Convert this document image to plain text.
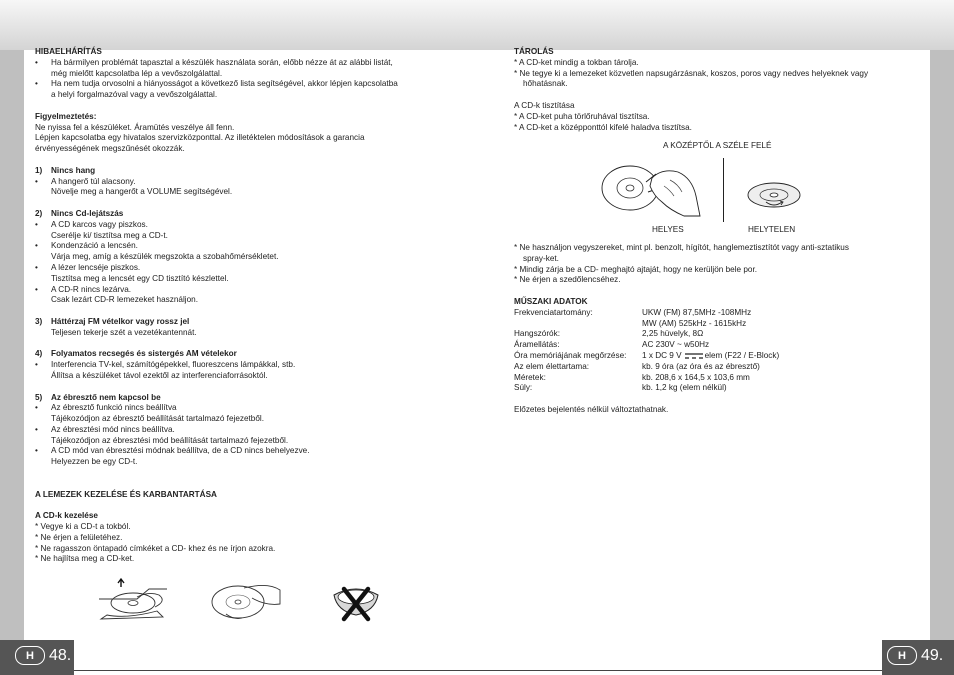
HIBAELHÁRÍTÁS
• Ha bármilyen problémát tapasztal a készülék használata során, előbb nézze át az alábbi listát,
még mielőtt kapcsolatba lép a vevőszolgálattal.
• Ha nem tudja orvosolni a hiányosságot a következő lista segítségével, akkor lépjen kapcsolatba
a helyi forgalmazóval vagy a vevőszolgálattal.
Figyelmeztetés:
Ne nyissa fel a készüléket. Áramütés veszélye áll fenn.
Lépjen kapcsolatba egy hivatalos szervizközponttal. Az illetéktelen módosítások a garancia
érvényességének megszűnését okozzák.
1) Nincs hang
• A hangerő túl alacsony.
Növelje meg a hangerőt a VOLUME segítségével.
2) Nincs Cd-lejátszás
• A CD karcos vagy piszkos.
Cserélje ki/ tisztítsa meg a CD-t.
• Kondenzáció a lencsén.
Várja meg, amíg a készülék megszokta a szobahőmérsékletet.
• A lézer lencséje piszkos.
Tisztítsa meg a lencsét egy CD tisztító készlettel.
• A CD-R nincs lezárva.
Csak lezárt CD-R lemezeket használjon.
3) Háttérzaj FM vételkor vagy rossz jel
Teljesen tekerje szét a vezetékantennát.
4) Folyamatos recsegés és sistergés AM vételekor
• Interferencia TV-kel, számítógépekkel, fluoreszcens lámpákkal, stb.
Állítsa a készüléket távol ezektől az interferenciaforrásoktól.
5) Az ébresztő nem kapcsol be
• Az ébresztő funkció nincs beállítva
Tájékozódjon az ébresztő beállítását tartalmazó fejezetből.
• Az ébresztési mód nincs beállítva.
Tájékozódjon az ébresztési mód beállítását tartalmazó fejezetből.
• A CD mód van ébresztési módnak beállítva, de a CD nincs behelyezve.
Helyezzen be egy CD-t.
A LEMEZEK KEZELÉSE ÉS KARBANTARTÁSA
A CD-k kezelése
* Vegye ki a CD-t a tokból.
* Ne érjen a felületéhez.
* Ne ragasszon öntapadó címkéket a CD- khez és ne írjon azokra.
* Ne hajlítsa meg a CD-ket.
TÁROLÁS
* A CD-ket mindig a tokban tárolja.
* Ne tegye ki a lemezeket közvetlen napsugárzásnak, koszos, poros vagy nedves helyeknek vagy
hőhatásnak.
A CD-k tisztítása
* A CD-ket puha törlőruhával tisztítsa.
* A CD-ket a középponttól kifelé haladva tisztítsa.
A KÖZÉPTŐL A SZÉLE FELÉ
HELYES	HELYTELEN
* Ne használjon vegyszereket, mint pl. benzolt, hígítót, hanglemeztisztítót vagy anti-sztatikus
spray-ket.
* Mindig zárja be a CD- meghajtó ajtaját, hogy ne kerüljön bele por.
* Ne érjen a szedőlencséhez.
MŰSZAKI ADATOK
Frekvenciatartomány:	UKW (FM) 87,5MHz -108MHz
MW (AM) 525kHz - 1615kHz
Hangszórók:	2,25 hüvelyk, 8Ω
Áramellátás:	AC 230V ~ w50Hz
Óra memóriájának megőrzése:	1 x DC 9 V	elem (F22 / E-Block)
Az elem élettartama:	kb. 9 óra (az óra és az ébresztő)
Méretek:	kb. 208,6 x 164,5 x 103,6 mm
Súly:	kb. 1,2 kg (elem nélkül)
Előzetes bejelentés nélkül változtathatnak.
H 48.	H 49.
